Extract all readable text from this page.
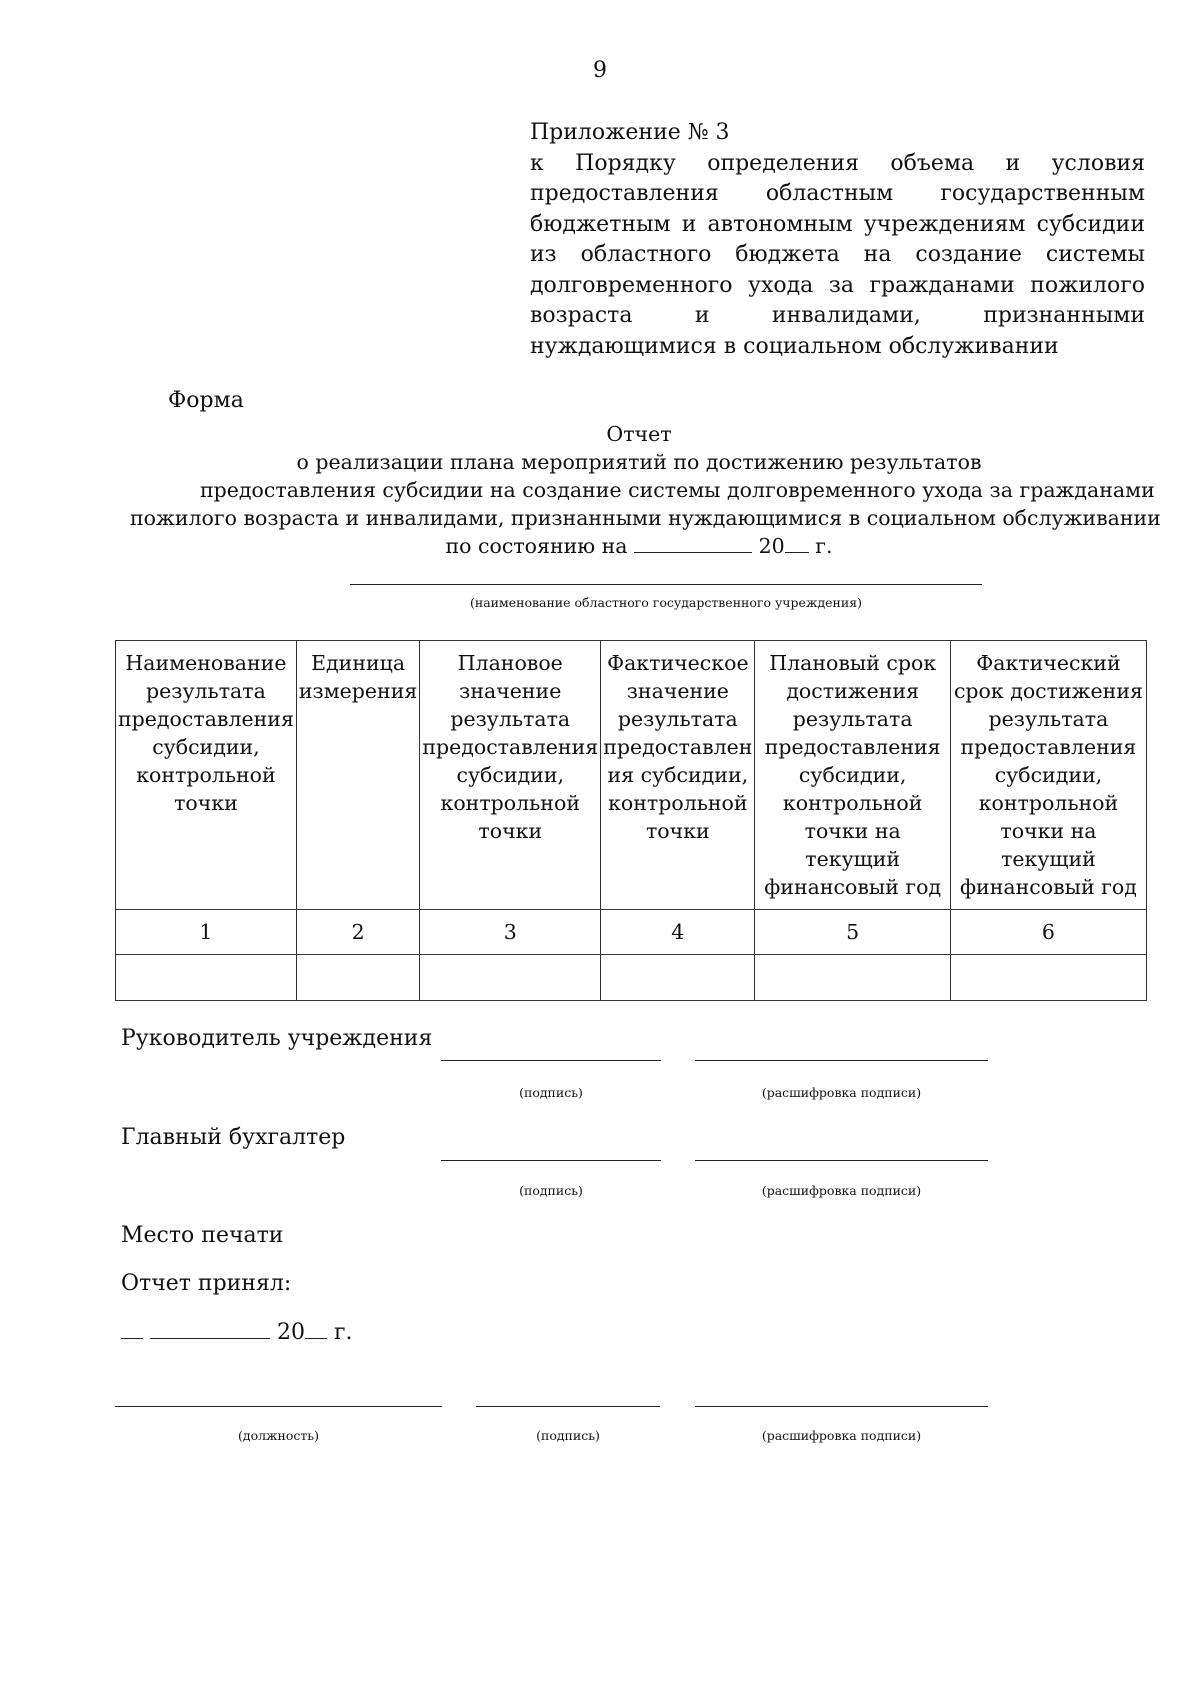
9
Приложение № 3
к Порядку определения объема и условия предоставления областным государственным бюджетным и автономным учреждениям субсидии из областного бюджета на создание системы долговременного ухода за гражданами пожилого возраста и инвалидами, признанными нуждающимися в социальном обслуживании
Форма
Отчет
о реализации плана мероприятий по достижению результатов
предоставления субсидии на создание системы долговременного ухода за гражданами
пожилого возраста и инвалидами, признанными нуждающимися в социальном обслуживании
по состоянию на	20 г.
(наименование областного государственного учреждения)
Наименование результата предоставления субсидии, контрольной точки	Единица измерения	Плановое значение результата предоставления субсидии, контрольной точки	Фактическое значение результата предоставлен ия субсидии, контрольной точки	Плановый срок достижения результата предоставления субсидии, контрольной точки на текущий финансовый год	Фактический срок достижения результата предоставления субсидии, контрольной точки на текущий финансовый год
1	2	3	4	5	6

Руководитель учреждения
(подпись)	(расшифровка подписи)
Главный бухгалтер
(подпись)	(расшифровка подписи)
Место печати
Отчет принял:
20 г.
(должность)	(подпись)	(расшифровка подписи)
